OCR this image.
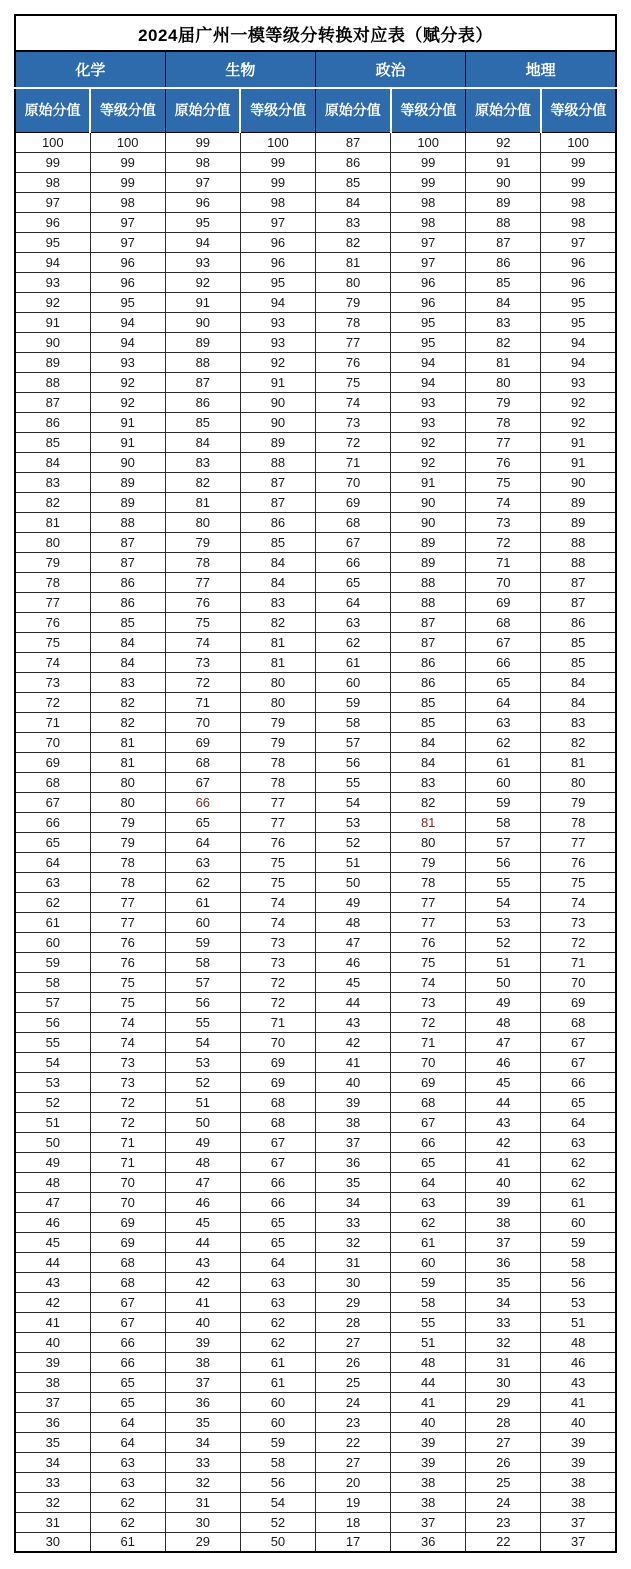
2024届广州一模等级分转换对应表（赋分表）							
化学		生物		政治		地理	
原始分值	等级分值	原始分值	等级分值	原始分值	等级分值	原始分值	等级分值
100	100	99	100	87	100	92	100
99	99	98	99	86	99	91	99
98	99	97	99	85	99	90	99
97	98	96	98	84	98	89	98
96	97	95	97	83	98	88	98
95	97	94	96	82	97	87	97
94	96	93	96	81	97	86	96
93	96	92	95	80	96	85	96
92	95	91	94	79	96	84	95
91	94	90	93	78	95	83	95
90	94	89	93	77	95	82	94
89	93	88	92	76	94	81	94
88	92	87	91	75	94	80	93
87	92	86	90	74	93	79	92
86	91	85	90	73	93	78	92
85	91	84	89	72	92	77	91
84	90	83	88	71	92	76	91
83	89	82	87	70	91	75	90
82	89	81	87	69	90	74	89
81	88	80	86	68	90	73	89
80	87	79	85	67	89	72	88
79	87	78	84	66	89	71	88
78	86	77	84	65	88	70	87
77	86	76	83	64	88	69	87
76	85	75	82	63	87	68	86
75	84	74	81	62	87	67	85
74	84	73	81	61	86	66	85
73	83	72	80	60	86	65	84
72	82	71	80	59	85	64	84
71	82	70	79	58	85	63	83
70	81	69	79	57	84	62	82
69	81	68	78	56	84	61	81
68	80	67	78	55	83	60	80
67	80	66	77	54	82	59	79
66	79	65	77	53	81	58	78
65	79	64	76	52	80	57	77
64	78	63	75	51	79	56	76
63	78	62	75	50	78	55	75
62	77	61	74	49	77	54	74
61	77	60	74	48	77	53	73
60	76	59	73	47	76	52	72
59	76	58	73	46	75	51	71
58	75	57	72	45	74	50	70
57	75	56	72	44	73	49	69
56	74	55	71	43	72	48	68
55	74	54	70	42	71	47	67
54	73	53	69	41	70	46	67
53	73	52	69	40	69	45	66
52	72	51	68	39	68	44	65
51	72	50	68	38	67	43	64
50	71	49	67	37	66	42	63
49	71	48	67	36	65	41	62
48	70	47	66	35	64	40	62
47	70	46	66	34	63	39	61
46	69	45	65	33	62	38	60
45	69	44	65	32	61	37	59
44	68	43	64	31	60	36	58
43	68	42	63	30	59	35	56
42	67	41	63	29	58	34	53
41	67	40	62	28	55	33	51
40	66	39	62	27	51	32	48
39	66	38	61	26	48	31	46
38	65	37	61	25	44	30	43
37	65	36	60	24	41	29	41
36	64	35	60	23	40	28	40
35	64	34	59	22	39	27	39
34	63	33	58	27	39	26	39
33	63	32	56	20	38	25	38
32	62	31	54	19	38	24	38
31	62	30	52	18	37	23	37
30	61	29	50	17	36	22	37
